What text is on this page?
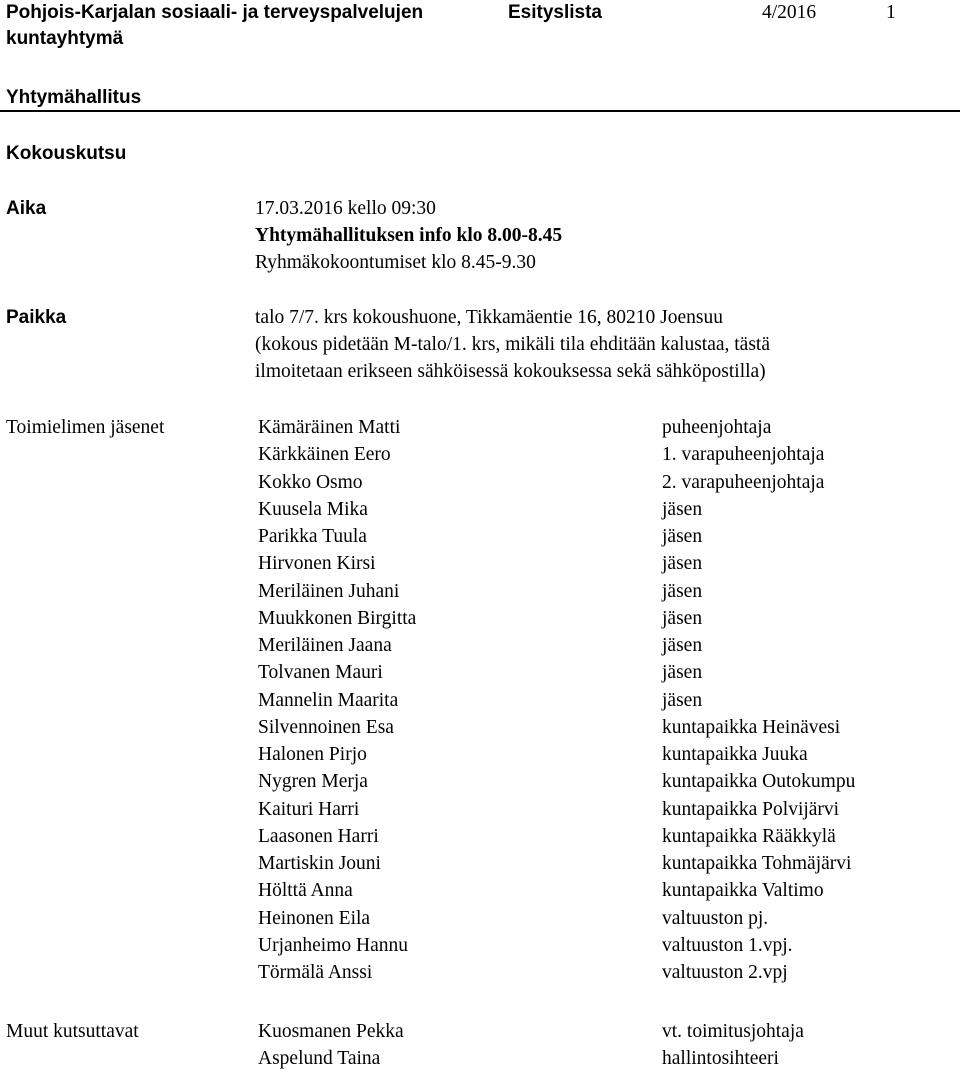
Pohjois-Karjalan sosiaali- ja terveyspalvelujen
kuntayhtymä
Esityslista	4/2016	1
Yhtymähallitus
Kokouskutsu
Aika	17.03.2016 kello 09:30
Yhtymähallituksen info klo 8.00-8.45
Ryhmäkokoontumiset klo 8.45-9.30
Paikka	talo 7/7. krs kokoushuone, Tikkamäentie 16, 80210 Joensuu
(kokous pidetään M-talo/1. krs, mikäli tila ehditään kalustaa, tästä
ilmoitetaan erikseen sähköisessä kokouksessa sekä sähköpostilla)
Toimielimen jäsenet	Kämäräinen Matti	puheenjohtaja
Kärkkäinen Eero	1. varapuheenjohtaja
Kokko Osmo	2. varapuheenjohtaja
Kuusela Mika	jäsen
Parikka Tuula	jäsen
Hirvonen Kirsi	jäsen
Meriläinen Juhani	jäsen
Muukkonen Birgitta	jäsen
Meriläinen Jaana	jäsen
Tolvanen Mauri	jäsen
Mannelin Maarita	jäsen
Silvennoinen Esa	kuntapaikka Heinävesi
Halonen Pirjo	kuntapaikka Juuka
Nygren Merja	kuntapaikka Outokumpu
Kaituri Harri	kuntapaikka Polvijärvi
Laasonen Harri	kuntapaikka Rääkkylä
Martiskin Jouni	kuntapaikka Tohmäjärvi
Hölttä Anna	kuntapaikka Valtimo
Heinonen Eila	valtuuston pj.
Urjanheimo Hannu	valtuuston 1.vpj.
Törmälä Anssi	valtuuston 2.vpj
Muut kutsuttavat	Kuosmanen Pekka	vt. toimitusjohtaja
Aspelund Taina	hallintosihteeri
